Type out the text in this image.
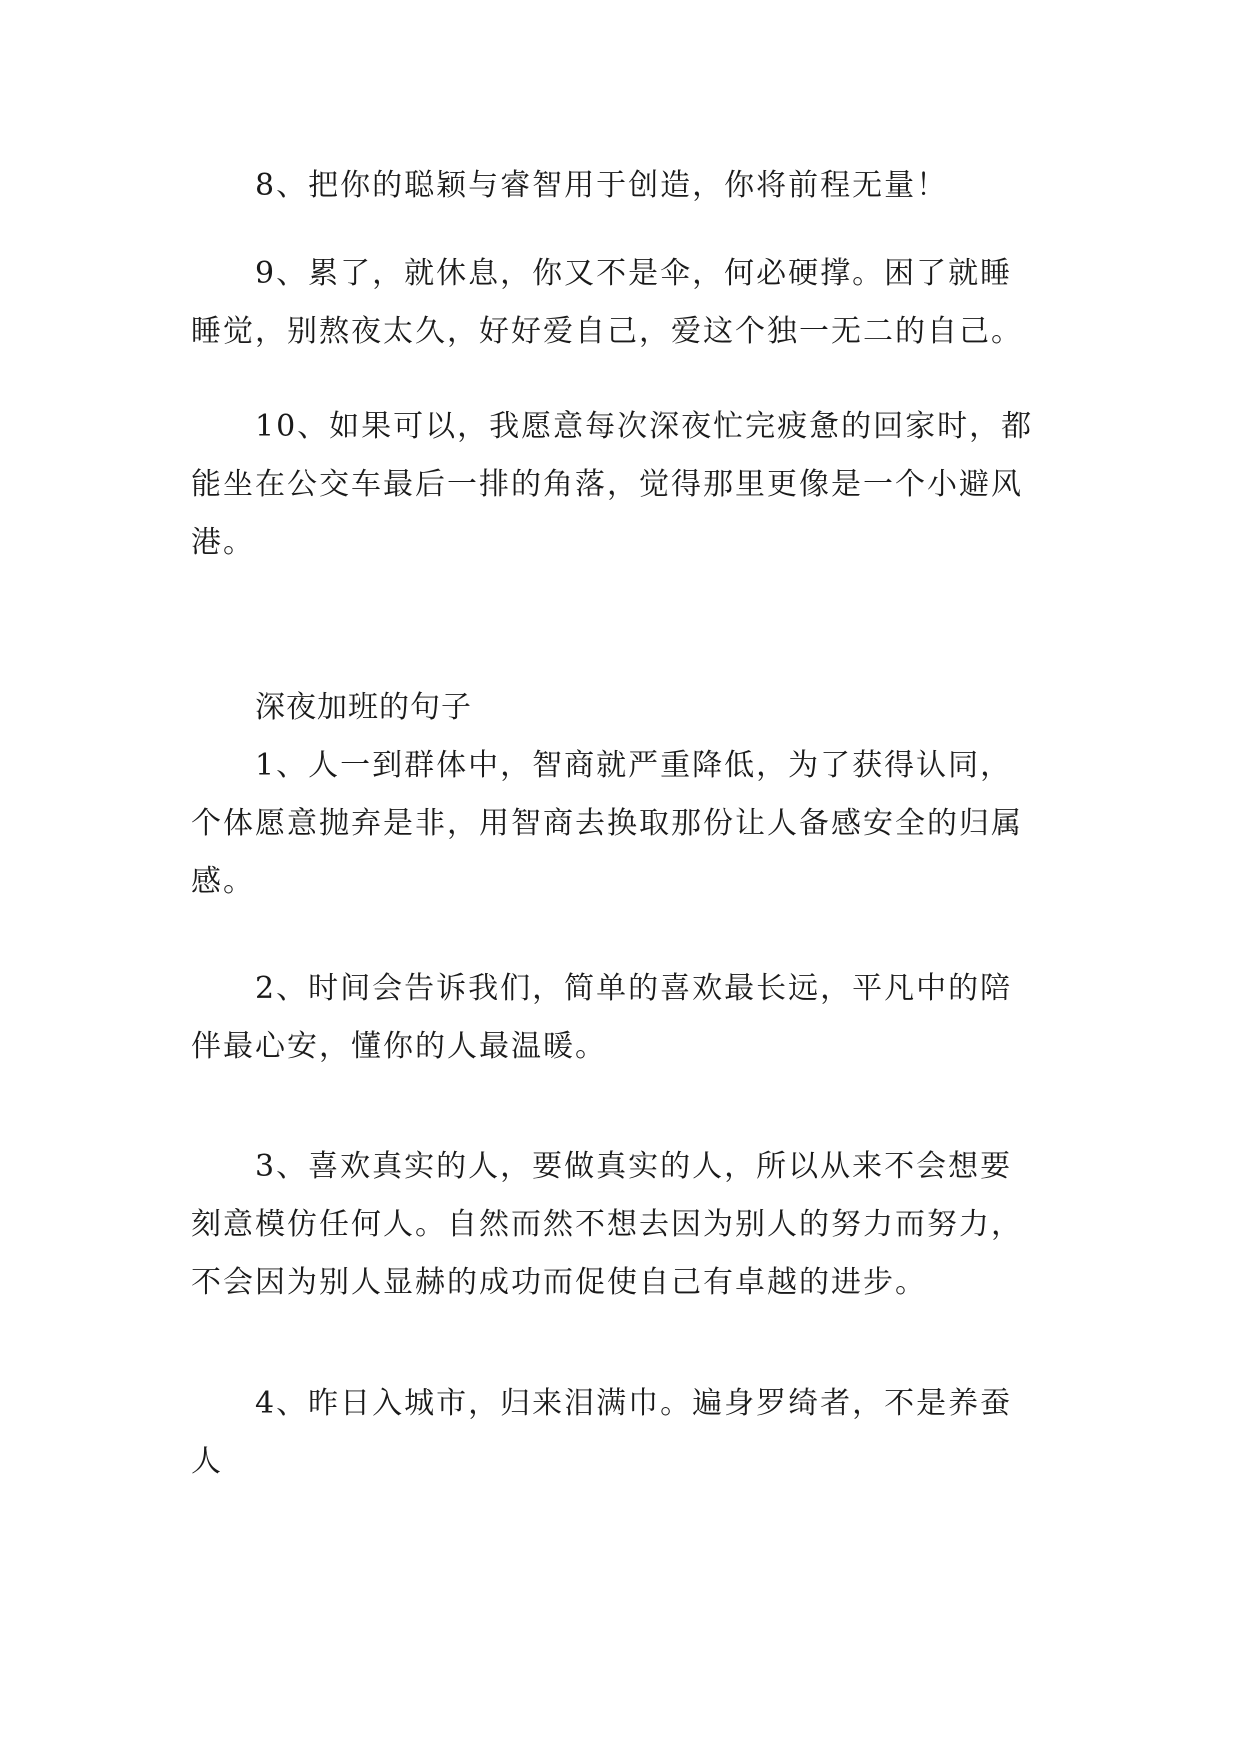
8、把你的聪颖与睿智用于创造，你将前程无量！
9、累了，就休息，你又不是伞，何必硬撑。困了就睡
睡觉，别熬夜太久，好好爱自己，爱这个独一无二的自己。
10、如果可以，我愿意每次深夜忙完疲惫的回家时，都
能坐在公交车最后一排的角落，觉得那里更像是一个小避风
港。
深夜加班的句子
1、人一到群体中，智商就严重降低，为了获得认同，
个体愿意抛弃是非，用智商去换取那份让人备感安全的归属
感。
2、时间会告诉我们，简单的喜欢最长远，平凡中的陪
伴最心安，懂你的人最温暖。
3、喜欢真实的人，要做真实的人，所以从来不会想要
刻意模仿任何人。自然而然不想去因为别人的努力而努力，
不会因为别人显赫的成功而促使自己有卓越的进步。
4、昨日入城市，归来泪满巾。遍身罗绮者，不是养蚕
人
